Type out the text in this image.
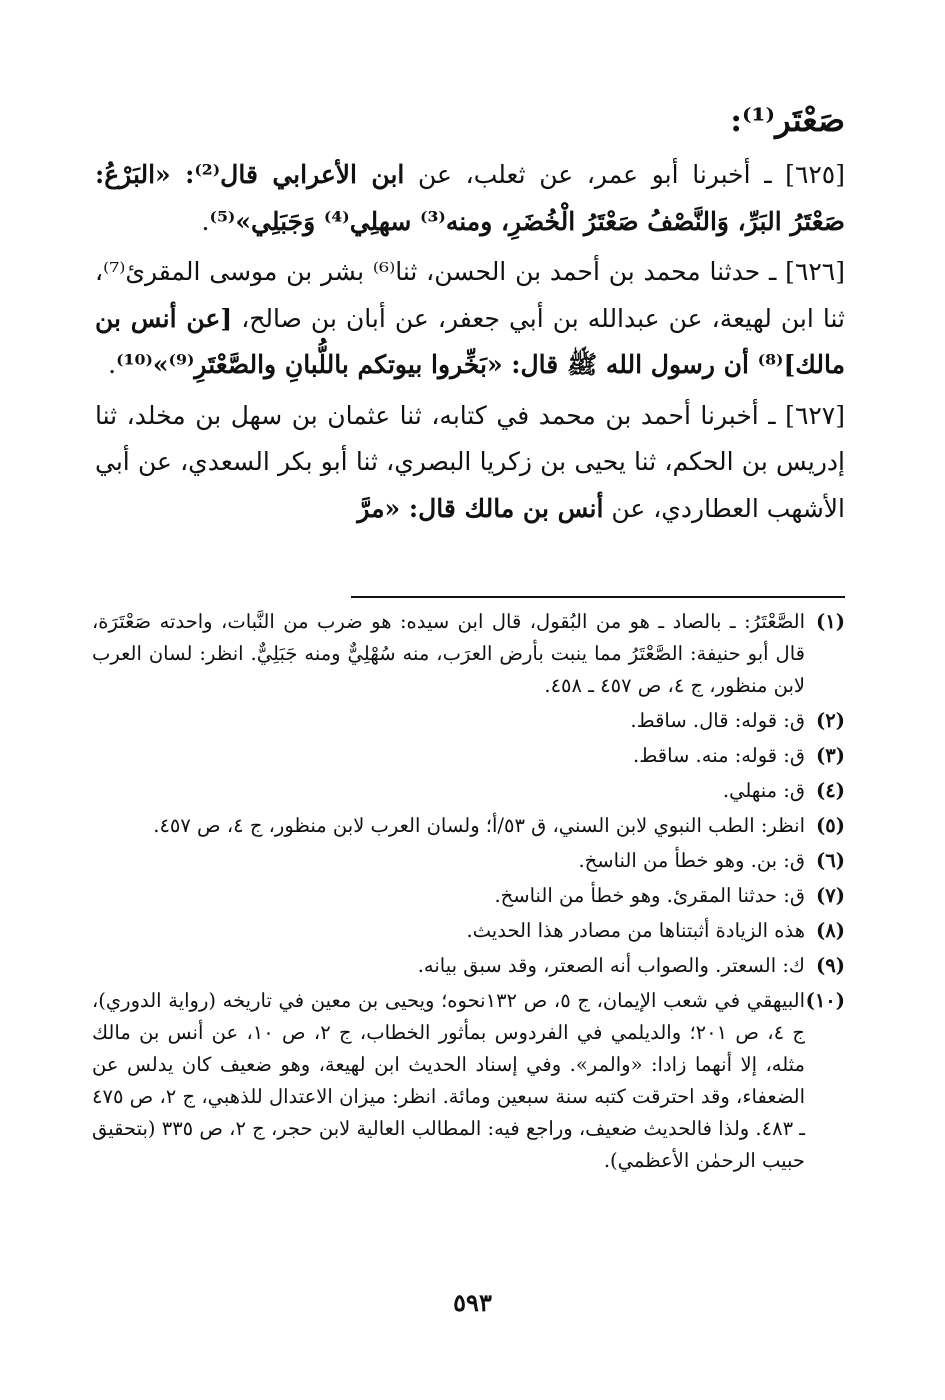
صَعْتَر⁽¹⁾:

[٦٢٥] ـ أخبرنا أبو عمر، عن ثعلب، عن ابن الأعرابي قال⁽²⁾: «البَرْعُ: صَعْتَرُ البَرِّ، وَالنَّصْفُ صَعْتَرُ الْخُضَرِ، ومنه⁽³⁾ سهلِي⁽⁴⁾ وَجَبَلِي»⁽⁵⁾.

[٦٢٦] ـ حدثنا محمد بن أحمد بن الحسن، ثنا⁽⁶⁾ بشر بن موسى المقرئ⁽⁷⁾، ثنا ابن لهيعة، عن عبدالله بن أبي جعفر، عن أبان بن صالح، [عن أنس بن مالك]⁽⁸⁾ أن رسول الله ﷺ قال: «بَخِّروا بيوتكم باللُّبانِ والصَّعْتَرِ⁽⁹⁾»⁽¹⁰⁾.

[٦٢٧] ـ أخبرنا أحمد بن محمد في كتابه، ثنا عثمان بن سهل بن مخلد، ثنا إدريس بن الحكم، ثنا يحيى بن زكريا البصري، ثنا أبو بكر السعدي، عن أبي الأشهب العطاردي، عن أنس بن مالك قال: «مرَّ

(١)
الصَّعْتَرُ: ـ بالصاد ـ هو من البُقول، قال ابن سيده: هو ضرب من النَّبات، واحدته صَعْتَرَة، قال أبو حنيفة: الصَّعْتَرُ مما ينبت بأرض العرَب، منه سُهْلِيٌّ ومنه جَبَلِيٌّ. انظر: لسان العرب لابن منظور، ج ٤، ص ٤٥٧ ـ ٤٥٨.
(٢)
ق: قوله: قال. ساقط.
(٣)
ق: قوله: منه. ساقط.
(٤)
ق: منهلي.
(٥)
انظر: الطب النبوي لابن السني، ق ٥٣/أ؛ ولسان العرب لابن منظور، ج ٤، ص ٤٥٧.
(٦)
ق: بن. وهو خطأ من الناسخ.
(٧)
ق: حدثنا المقرئ. وهو خطأ من الناسخ.
(٨)
هذه الزيادة أثبتناها من مصادر هذا الحديث.
(٩)
ك: السعتر. والصواب أنه الصعتر، وقد سبق بيانه.
(١٠)
البيهقي في شعب الإيمان، ج ٥، ص ١٣٢نحوه؛ ويحيى بن معين في تاريخه (رواية الدوري)، ج ٤، ص ٢٠١؛ والديلمي في الفردوس بمأثور الخطاب، ج ٢، ص ١٠، عن أنس بن مالك مثله، إلا أنهما زادا: «والمر». وفي إسناد الحديث ابن لهيعة، وهو ضعيف كان يدلس عن الضعفاء، وقد احترقت كتبه سنة سبعين ومائة. انظر: ميزان الاعتدال للذهبي، ج ٢، ص ٤٧٥ ـ ٤٨٣. ولذا فالحديث ضعيف، وراجع فيه: المطالب العالية لابن حجر، ج ٢، ص ٣٣٥ (بتحقيق حبيب الرحمٰن الأعظمي).
٥٩٣
